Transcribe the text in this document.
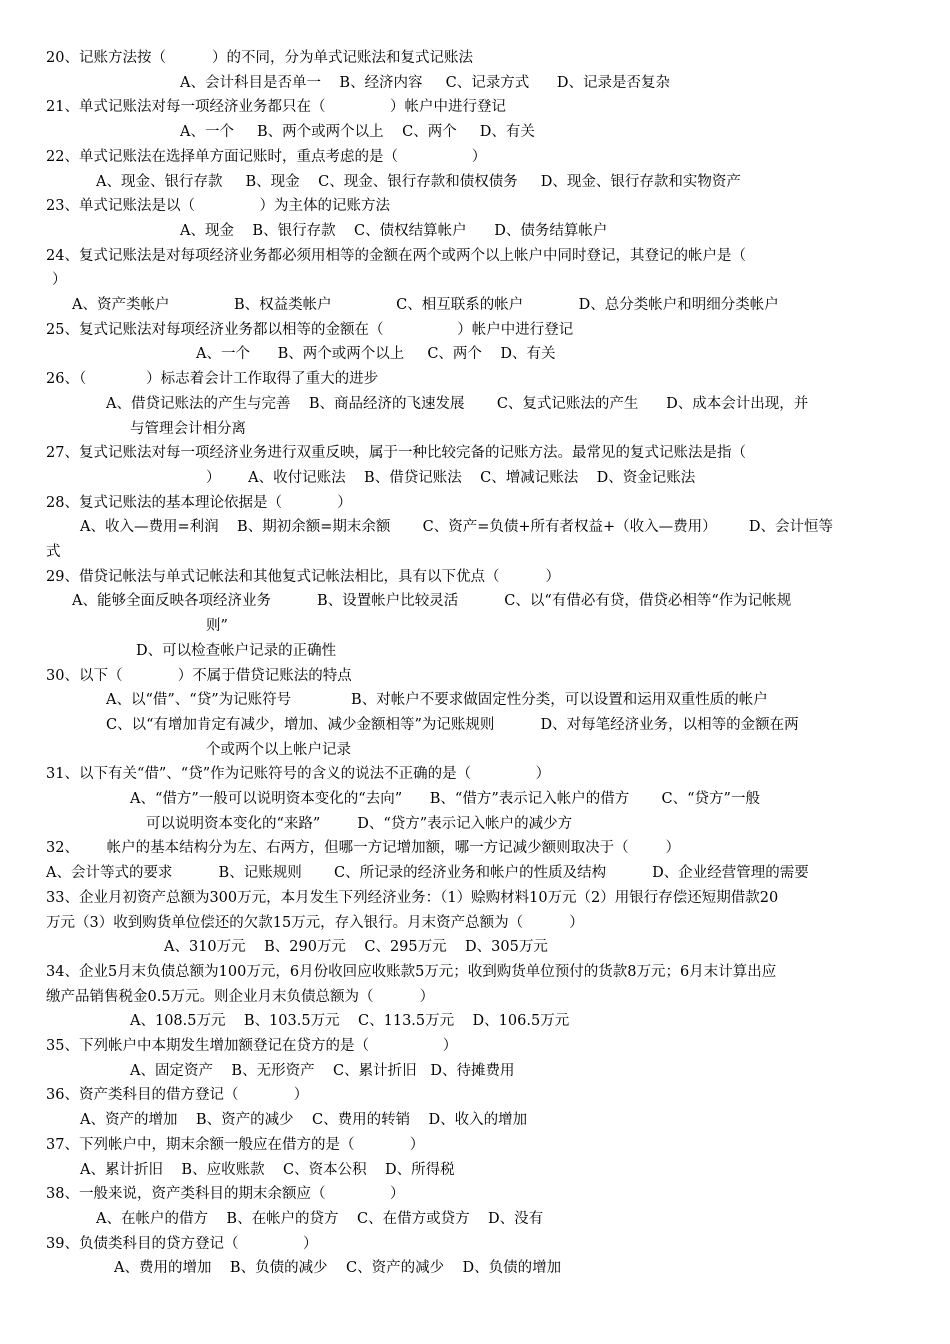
20、记账方法按（          ）的不同，分为单式记账法和复式记账法
A、会计科目是否单一    B、经济内容     C、记录方式      D、记录是否复杂
21、单式记账法对每一项经济业务都只在（              ）帐户中进行登记
A、一个     B、两个或两个以上    C、两个     D、有关
22、单式记账法在选择单方面记账时，重点考虑的是（                ）
A、现金、银行存款     B、现金    C、现金、银行存款和债权债务     D、现金、银行存款和实物资产
23、单式记账法是以（              ）为主体的记账方法
A、现金    B、银行存款    C、债权结算帐户      D、债务结算帐户
24、复式记账法是对每项经济业务都必须用相等的金额在两个或两个以上帐户中同时登记，其登记的帐户是（
）
A、资产类帐户              B、权益类帐户              C、相互联系的帐户            D、总分类帐户和明细分类帐户
25、复式记账法对每项经济业务都以相等的金额在（                ）帐户中进行登记
A、一个      B、两个或两个以上     C、两个    D、有关
26、（             ）标志着会计工作取得了重大的进步
A、借贷记账法的产生与完善    B、商品经济的飞速发展       C、复式记账法的产生      D、成本会计出现，并
与管理会计相分离
27、复式记账法对每一项经济业务进行双重反映，属于一种比较完备的记账方法。最常见的复式记账法是指（
）      A、收付记账法    B、借贷记账法    C、增减记账法    D、资金记账法
28、复式记账法的基本理论依据是（            ）
A、收入—费用=利润    B、期初余额=期末余额       C、资产=负债+所有者权益+（收入—费用）       D、会计恒等
式
29、借贷记帐法与单式记帐法和其他复式记帐法相比，具有以下优点（          ）
A、能够全面反映各项经济业务          B、设置帐户比较灵活          C、以“有借必有贷，借贷必相等“作为记帐规
则”
D、可以检查帐户记录的正确性
30、以下（            ）不属于借贷记账法的特点
A、以“借”、“贷”为记账符号             B、对帐户不要求做固定性分类，可以设置和运用双重性质的帐户
C、以“有增加肯定有减少，增加、减少金额相等”为记账规则          D、对每笔经济业务，以相等的金额在两
个或两个以上帐户记录
31、以下有关“借”、“贷”作为记账符号的含义的说法不正确的是（              ）
A、“借方”一般可以说明资本变化的“去向”      B、“借方”表示记入帐户的借方       C、“贷方”一般
可以说明资本变化的“来路”        D、“贷方”表示记入帐户的减少方
32、      帐户的基本结构分为左、右两方，但哪一方记增加额，哪一方记减少额则取决于（        ）
A、会计等式的要求          B、记账规则       C、所记录的经济业务和帐户的性质及结构          D、企业经营管理的需要
33、企业月初资产总额为300万元，本月发生下列经济业务：（1）赊购材料10万元（2）用银行存偿还短期借款20
万元（3）收到购货单位偿还的欠款15万元，存入银行。月末资产总额为（          ）
A、310万元    B、290万元    C、295万元    D、305万元
34、企业5月末负债总额为100万元，6月份收回应收账款5万元；收到购货单位预付的货款8万元；6月末计算出应
缴产品销售税金0.5万元。则企业月末负债总额为（          ）
A、108.5万元    B、103.5万元    C、113.5万元    D、106.5万元
35、下列帐户中本期发生增加额登记在贷方的是（                ）
A、固定资产    B、无形资产    C、累计折旧   D、待摊费用
36、资产类科目的借方登记（            ）
A、资产的增加    B、资产的减少    C、费用的转销    D、收入的增加
37、下列帐户中，期末余额一般应在借方的是（            ）
A、累计折旧    B、应收账款    C、资本公积    D、所得税
38、一般来说，资产类科目的期末余额应（              ）
A、在帐户的借方    B、在帐户的贷方    C、在借方或贷方    D、没有
39、负债类科目的贷方登记（              ）
A、费用的增加    B、负债的减少    C、资产的减少    D、负债的增加
